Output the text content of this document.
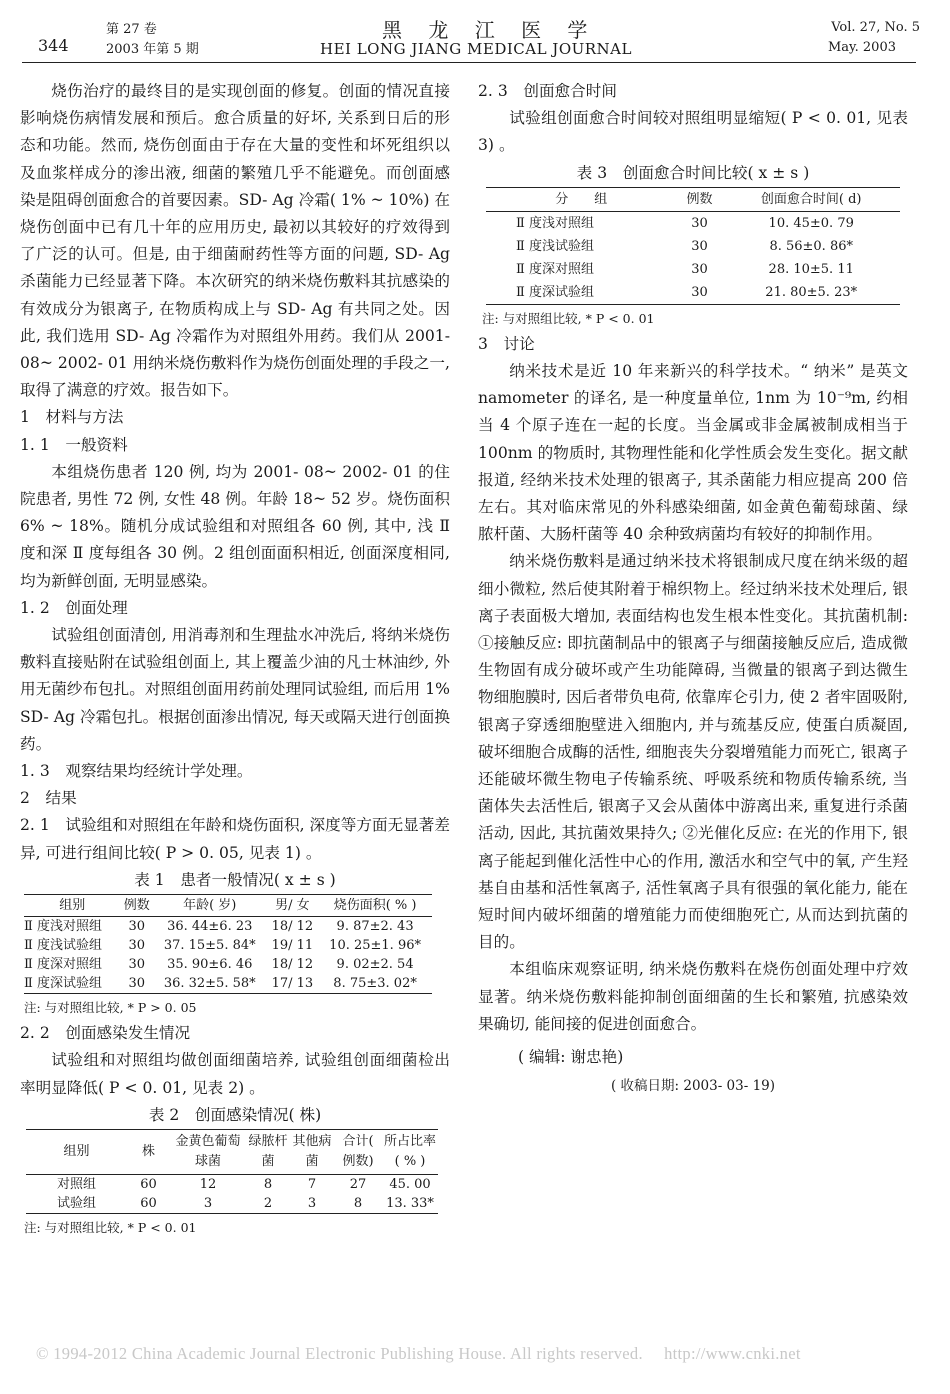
第 27 卷
344	2003 年第 5 期
黑 龙 江 医 学
HEI LONG JIANG MEDICAL JOURNAL
Vol. 27, No. 5
May. 2003

烧伤治疗的最终目的是实现创面的修复。创面的情况直接影响烧伤病情发展和预后。愈合质量的好坏, 关系到日后的形态和功能。然而, 烧伤创面由于存在大量的变性和坏死组织以及血浆样成分的渗出液, 细菌的繁殖几乎不能避免。而创面感染是阻碍创面愈合的首要因素。SD- Ag 冷霜( 1% ~ 10%) 在烧伤创面中已有几十年的应用历史, 最初以其较好的疗效得到了广泛的认可。但是, 由于细菌耐药性等方面的问题, SD- Ag 杀菌能力已经显著下降。本次研究的纳米烧伤敷料其抗感染的有效成分为银离子, 在物质构成上与 SD- Ag 有共同之处。因此, 我们选用 SD- Ag 冷霜作为对照组外用药。我们从 2001- 08~ 2002- 01 用纳米烧伤敷料作为烧伤创面处理的手段之一, 取得了满意的疗效。报告如下。

1　材料与方法

1. 1　一般资料

本组烧伤患者 120 例, 均为 2001- 08~ 2002- 01 的住院患者, 男性 72 例, 女性 48 例。年龄 18~ 52 岁。烧伤面积 6% ~ 18%。随机分成试验组和对照组各 60 例, 其中, 浅 Ⅱ 度和深 Ⅱ 度每组各 30 例。2 组创面面积相近, 创面深度相同, 均为新鲜创面, 无明显感染。

1. 2　创面处理

试验组创面清创, 用消毒剂和生理盐水冲洗后, 将纳米烧伤敷料直接贴附在试验组创面上, 其上覆盖少油的凡士林油纱, 外用无菌纱布包扎。对照组创面用药前处理同试验组, 而后用 1% SD- Ag 冷霜包扎。根据创面渗出情况, 每天或隔天进行创面换药。

1. 3　观察结果均经统计学处理。

2　结果

2. 1　试验组和对照组在年龄和烧伤面积, 深度等方面无显著差异, 可进行组间比较( P > 0. 05, 见表 1) 。

表 1　患者一般情况( x ± s )

组别	例数	年龄( 岁)	男/ 女	烧伤面积( % )
Ⅱ 度浅对照组	30	36. 44±6. 23	18/ 12	9. 87±2. 43
Ⅱ 度浅试验组	30	37. 15±5. 84*	19/ 11	10. 25±1. 96*
Ⅱ 度深对照组	30	35. 90±6. 46	18/ 12	9. 02±2. 54
Ⅱ 度深试验组	30	36. 32±5. 58*	17/ 13	8. 75±3. 02*

注: 与对照组比较, * P > 0. 05

2. 2　创面感染发生情况

试验组和对照组均做创面细菌培养, 试验组创面细菌检出率明显降低( P < 0. 01, 见表 2) 。

表 2　创面感染情况( 株)

组别	株	金黄色葡萄球菌	绿脓杆菌	其他病菌	合计( 例数)	所占比率( % )
对照组	60	12	8	7	27	45. 00
试验组	60	3	2	3	8	13. 33*

注: 与对照组比较, * P < 0. 01

2. 3　创面愈合时间

试验组创面愈合时间较对照组明显缩短( P < 0. 01, 见表 3) 。

表 3　创面愈合时间比较( x ± s )

分　　组	例数	创面愈合时间( d)
Ⅱ 度浅对照组	30	10. 45±0. 79
Ⅱ 度浅试验组	30	8. 56±0. 86*
Ⅱ 度深对照组	30	28. 10±5. 11
Ⅱ 度深试验组	30	21. 80±5. 23*

注: 与对照组比较, * P < 0. 01

3　讨论

纳米技术是近 10 年来新兴的科学技术。“ 纳米” 是英文 namometer 的译名, 是一种度量单位, 1nm 为 10⁻⁹m, 约相当 4 个原子连在一起的长度。当金属或非金属被制成相当于 100nm 的物质时, 其物理性能和化学性质会发生变化。据文献报道, 经纳米技术处理的银离子, 其杀菌能力相应提高 200 倍左右。其对临床常见的外科感染细菌, 如金黄色葡萄球菌、绿脓杆菌、大肠杆菌等 40 余种致病菌均有较好的抑制作用。

纳米烧伤敷料是通过纳米技术将银制成尺度在纳米级的超细小微粒, 然后使其附着于棉织物上。经过纳米技术处理后, 银离子表面极大增加, 表面结构也发生根本性变化。其抗菌机制: ①接触反应: 即抗菌制品中的银离子与细菌接触反应后, 造成微生物固有成分破坏或产生功能障碍, 当微量的银离子到达微生物细胞膜时, 因后者带负电荷, 依靠库仑引力, 使 2 者牢固吸附, 银离子穿透细胞壁进入细胞内, 并与巯基反应, 使蛋白质凝固, 破坏细胞合成酶的活性, 细胞丧失分裂增殖能力而死亡, 银离子还能破坏微生物电子传输系统、呼吸系统和物质传输系统, 当菌体失去活性后, 银离子又会从菌体中游离出来, 重复进行杀菌活动, 因此, 其抗菌效果持久; ②光催化反应: 在光的作用下, 银离子能起到催化活性中心的作用, 激活水和空气中的氧, 产生羟基自由基和活性氧离子, 活性氧离子具有很强的氧化能力, 能在短时间内破坏细菌的增殖能力而使细胞死亡, 从而达到抗菌的目的。

本组临床观察证明, 纳米烧伤敷料在烧伤创面处理中疗效显著。纳米烧伤敷料能抑制创面细菌的生长和繁殖, 抗感染效果确切, 能间接的促进创面愈合。

( 编辑: 谢忠艳)

( 收稿日期: 2003- 03- 19)

© 1994-2012 China Academic Journal Electronic Publishing House. All rights reserved.　 http://www.cnki.net
